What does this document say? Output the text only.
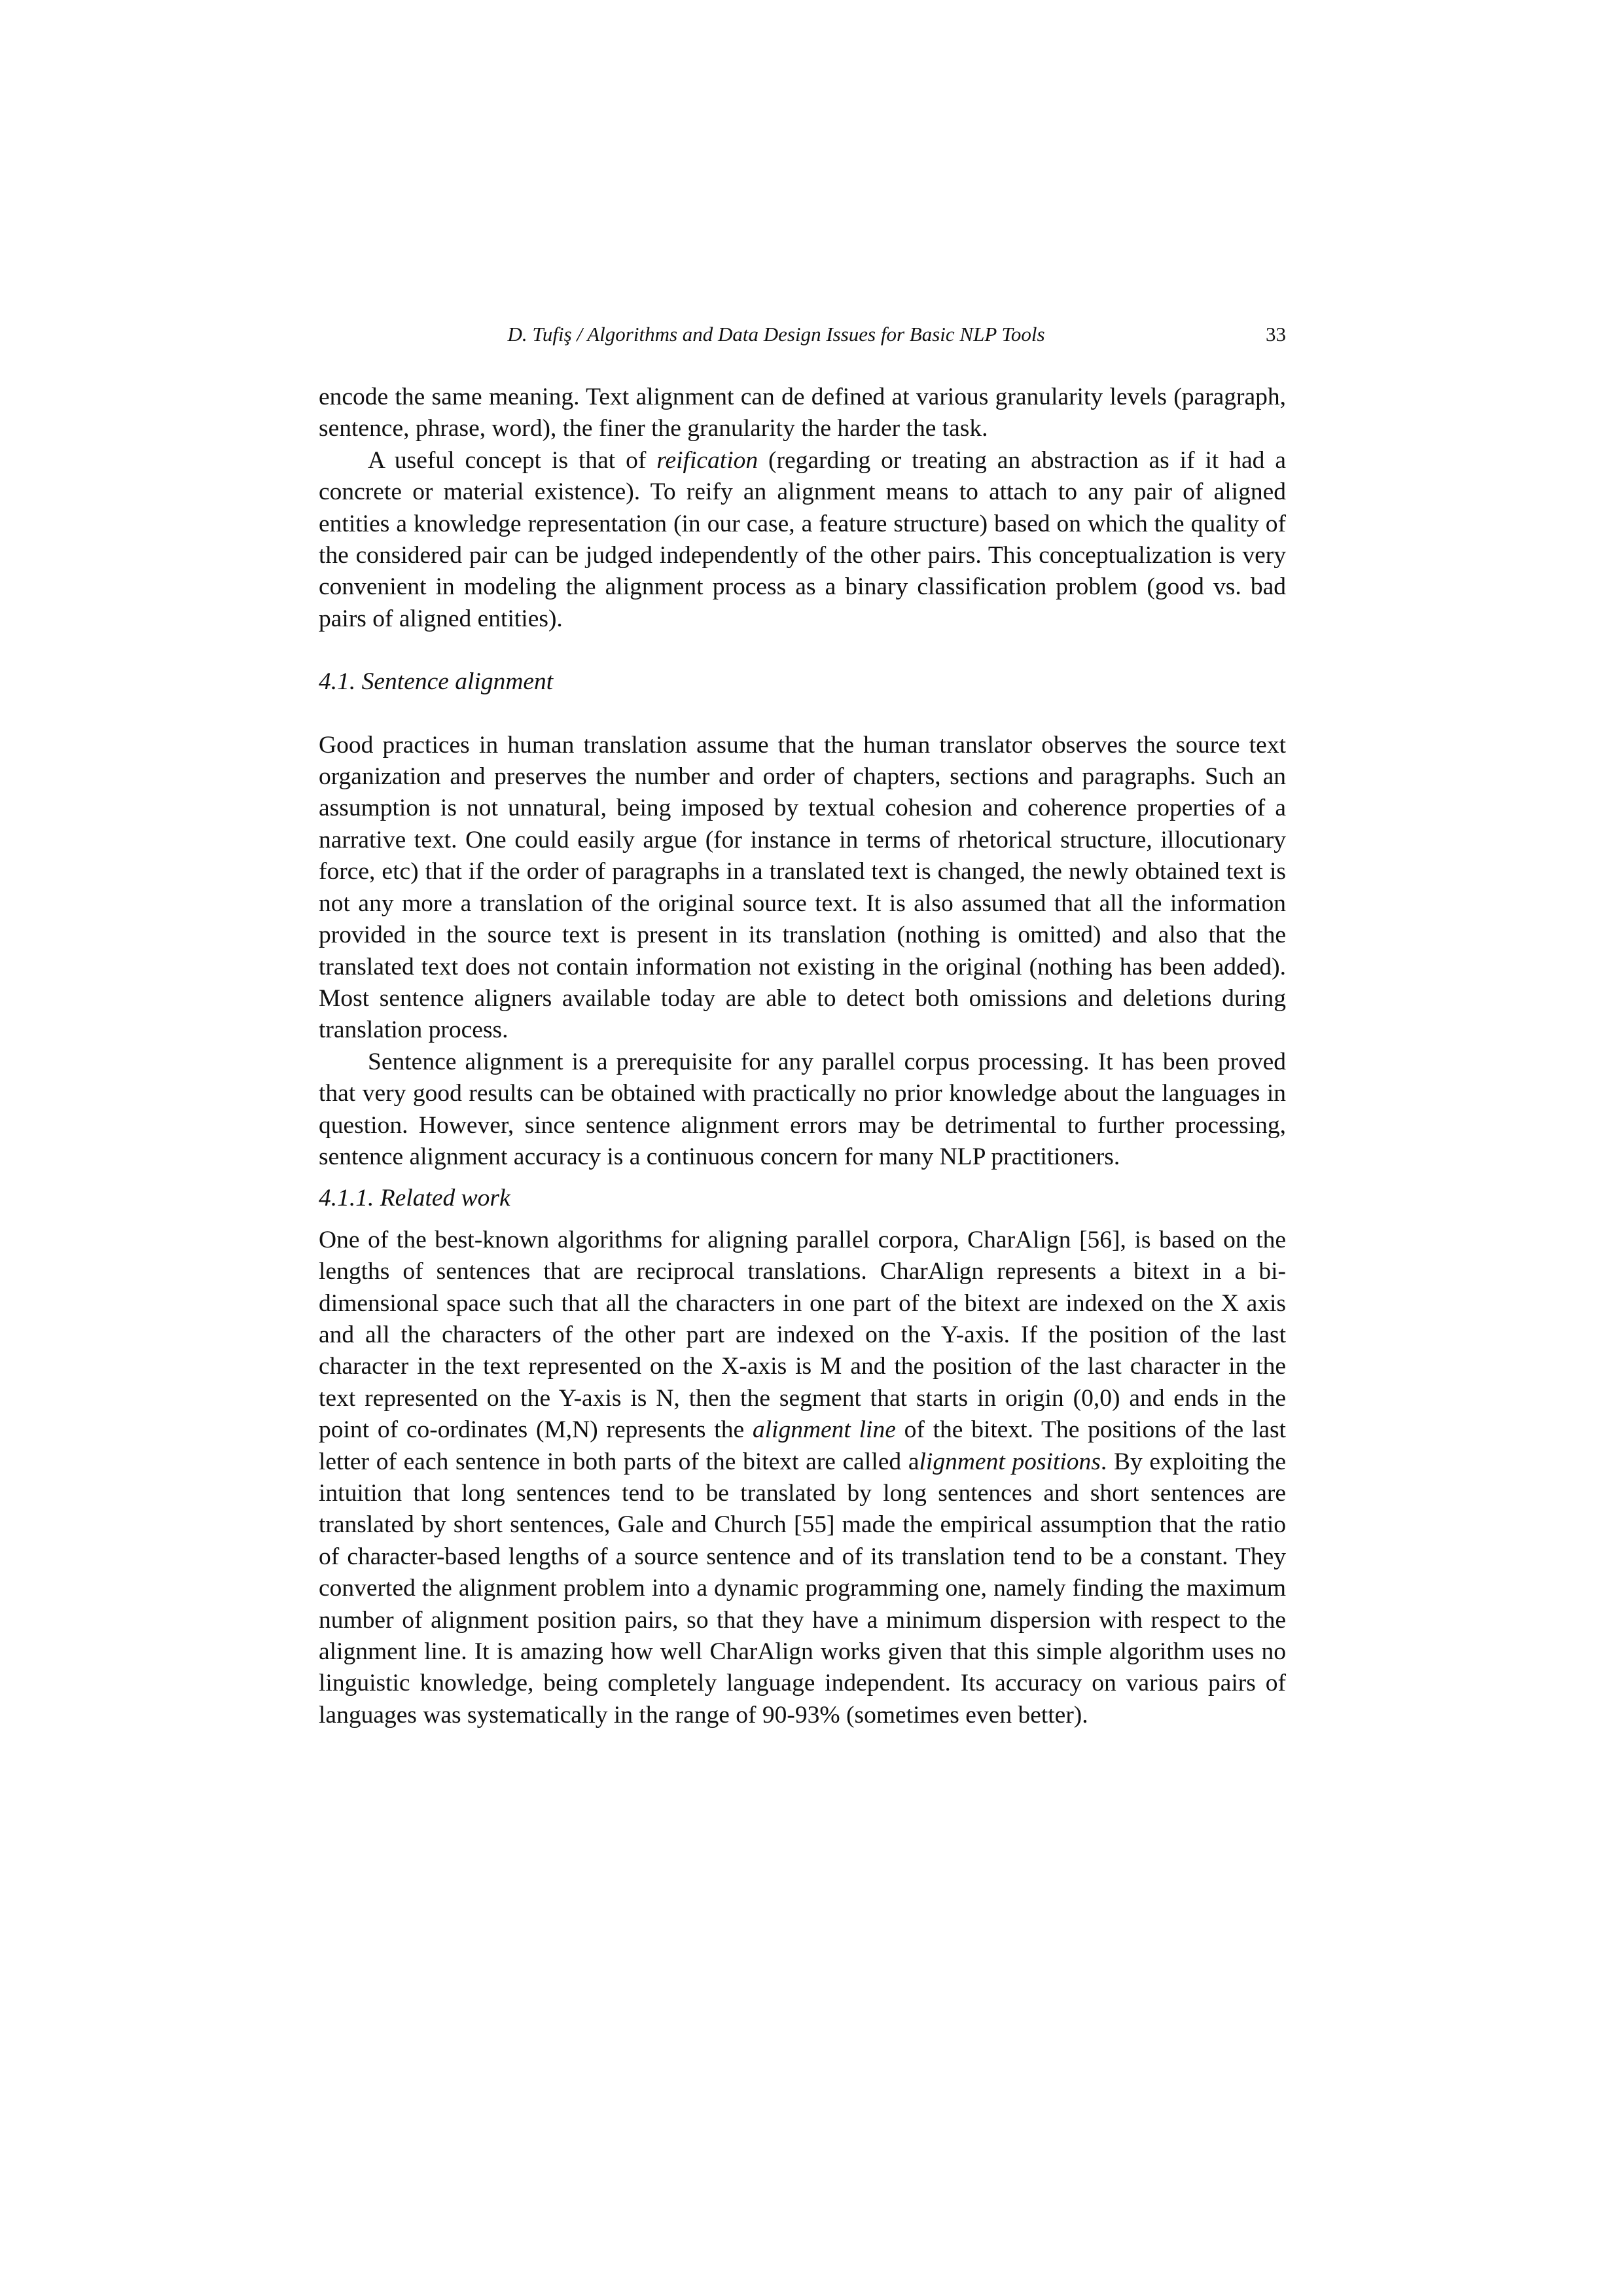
D. Tufiş / Algorithms and Data Design Issues for Basic NLP Tools	33

encode the same meaning. Text alignment can de defined at various granularity levels (paragraph, sentence, phrase, word), the finer the granularity the harder the task.

A useful concept is that of reification (regarding or treating an abstraction as if it had a concrete or material existence). To reify an alignment means to attach to any pair of aligned entities a knowledge representation (in our case, a feature structure) based on which the quality of the considered pair can be judged independently of the other pairs. This conceptualization is very convenient in modeling the alignment process as a binary classification problem (good vs. bad pairs of aligned entities).

4.1. Sentence alignment

Good practices in human translation assume that the human translator observes the source text organization and preserves the number and order of chapters, sections and paragraphs. Such an assumption is not unnatural, being imposed by textual cohesion and coherence properties of a narrative text. One could easily argue (for instance in terms of rhetorical structure, illocutionary force, etc) that if the order of paragraphs in a translated text is changed, the newly obtained text is not any more a translation of the original source text. It is also assumed that all the information provided in the source text is present in its translation (nothing is omitted) and also that the translated text does not contain information not existing in the original (nothing has been added). Most sentence aligners available today are able to detect both omissions and deletions during translation process.

Sentence alignment is a prerequisite for any parallel corpus processing. It has been proved that very good results can be obtained with practically no prior knowledge about the languages in question. However, since sentence alignment errors may be detrimental to further processing, sentence alignment accuracy is a continuous concern for many NLP practitioners.

4.1.1. Related work

One of the best-known algorithms for aligning parallel corpora, CharAlign [56], is based on the lengths of sentences that are reciprocal translations. CharAlign represents a bitext in a bi-dimensional space such that all the characters in one part of the bitext are indexed on the X axis and all the characters of the other part are indexed on the Y-axis. If the position of the last character in the text represented on the X-axis is M and the position of the last character in the text represented on the Y-axis is N, then the segment that starts in origin (0,0) and ends in the point of co-ordinates (M,N) represents the alignment line of the bitext. The positions of the last letter of each sentence in both parts of the bitext are called alignment positions. By exploiting the intuition that long sentences tend to be translated by long sentences and short sentences are translated by short sentences, Gale and Church [55] made the empirical assumption that the ratio of character-based lengths of a source sentence and of its translation tend to be a constant. They converted the alignment problem into a dynamic programming one, namely finding the maximum number of alignment position pairs, so that they have a minimum dispersion with respect to the alignment line. It is amazing how well CharAlign works given that this simple algorithm uses no linguistic knowledge, being completely language independent. Its accuracy on various pairs of languages was systematically in the range of 90-93% (sometimes even better).
